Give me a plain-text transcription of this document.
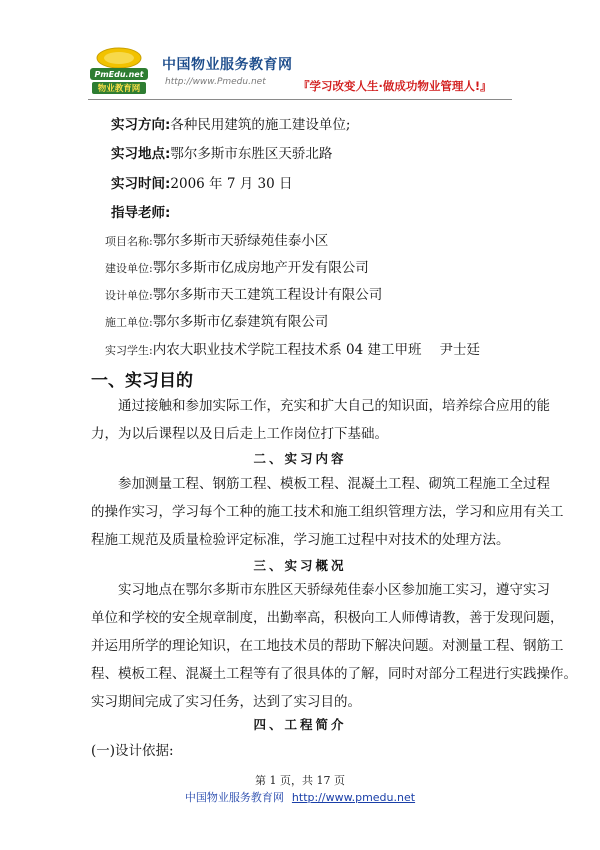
PmEdu.net
物业教育网
中国物业服务教育网
http://www.Pmedu.net	『学习改变人生·做成功物业管理人!』
实习方向:各种民用建筑的施工建设单位;
实习地点:鄂尔多斯市东胜区天骄北路
实习时间:2006 年 7 月 30 日
指导老师:
项目名称:鄂尔多斯市天骄绿苑佳泰小区
建设单位:鄂尔多斯市亿成房地产开发有限公司
设计单位:鄂尔多斯市天工建筑工程设计有限公司
施工单位:鄂尔多斯市亿泰建筑有限公司
实习学生:内农大职业技术学院工程技术系 04 建工甲班 尹士廷
一、实习目的
通过接触和参加实际工作，充实和扩大自己的知识面，培养综合应用的能
力，为以后课程以及日后走上工作岗位打下基础。
二、实习内容
参加测量工程、钢筋工程、模板工程、混凝土工程、砌筑工程施工全过程
的操作实习，学习每个工种的施工技术和施工组织管理方法，学习和应用有关工
程施工规范及质量检验评定标准，学习施工过程中对技术的处理方法。
三、实习概况
实习地点在鄂尔多斯市东胜区天骄绿苑佳泰小区参加施工实习，遵守实习
单位和学校的安全规章制度，出勤率高，积极向工人师傅请教，善于发现问题，
并运用所学的理论知识，在工地技术员的帮助下解决问题。对测量工程、钢筋工
程、模板工程、混凝土工程等有了很具体的了解，同时对部分工程进行实践操作。
实习期间完成了实习任务，达到了实习目的。
四、工程简介
(一)设计依据:
第 1 页，共 17 页
中国物业服务教育网 http://www.pmedu.net
